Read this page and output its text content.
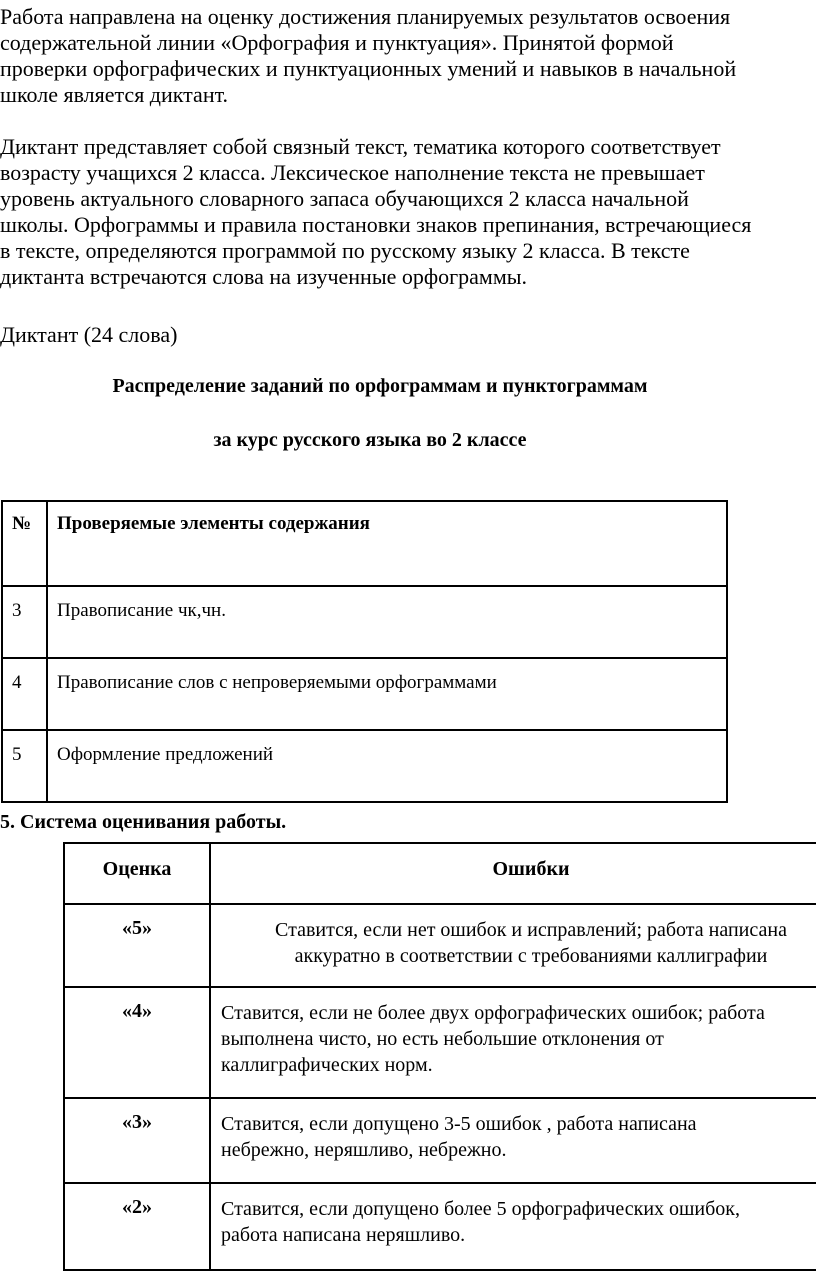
Работа направлена на оценку достижения планируемых результатов освоения
содержательной линии «Орфография и пунктуация». Принятой формой
проверки орфографических и пунктуационных умений и навыков в начальной
школе является диктант.
Диктант представляет собой связный текст, тематика которого соответствует
возрасту учащихся 2 класса. Лексическое наполнение текста не превышает
уровень актуального словарного запаса обучающихся 2 класса начальной
школы. Орфограммы и правила постановки знаков препинания, встречающиеся
в тексте, определяются программой по русскому языку 2 класса. В тексте
диктанта встречаются слова на изученные орфограммы.
Диктант (24 слова)
Распределение заданий по орфограммам и пунктограммам
за курс русского языка во 2 классе
№	Проверяемые элементы содержания
3	Правописание чк,чн.
4	Правописание слов с непроверяемыми орфограммами
5	Оформление предложений
5. Система оценивания работы.
Оценка	Ошибки
«5»	Ставится, если нет ошибок и исправлений; работа написана
аккуратно в соответствии с требованиями каллиграфии

«4»	Ставится, если не более двух орфографических ошибок; работа
выполнена чисто, но есть небольшие отклонения от
каллиграфических норм.

«3»	Ставится, если допущено 3-5 ошибок , работа написана
небрежно, неряшливо, небрежно.

«2»	Ставится, если допущено более 5 орфографических ошибок,
работа написана неряшливо.
